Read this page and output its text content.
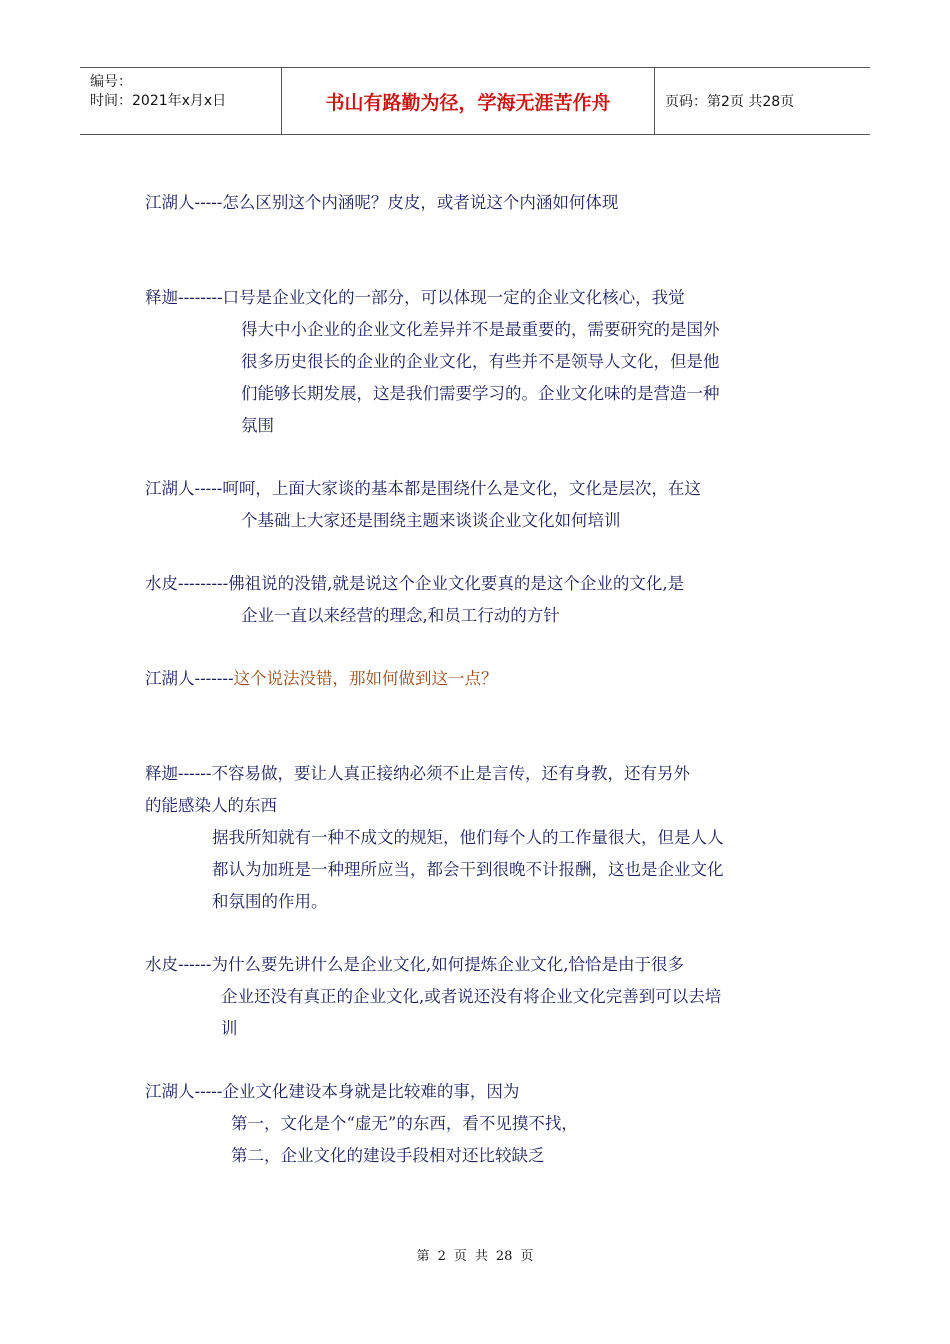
编号：
时间：2021年x月x日	书山有路勤为径，学海无涯苦作舟	页码：第2页 共28页
江湖人-----怎么区别这个内涵呢？皮皮，或者说这个内涵如何体现
释迦--------口号是企业文化的一部分，可以体现一定的企业文化核心，我觉
得大中小企业的企业文化差异并不是最重要的，需要研究的是国外
很多历史很长的企业的企业文化，有些并不是领导人文化，但是他
们能够长期发展，这是我们需要学习的。企业文化味的是营造一种
氛围
江湖人-----呵呵，上面大家谈的基本都是围绕什么是文化，文化是层次，在这
个基础上大家还是围绕主题来谈谈企业文化如何培训
水皮---------佛祖说的没错,就是说这个企业文化要真的是这个企业的文化,是
企业一直以来经营的理念,和员工行动的方针
江湖人-------这个说法没错，那如何做到这一点？
释迦------不容易做，要让人真正接纳必须不止是言传，还有身教，还有另外
的能感染人的东西
据我所知就有一种不成文的规矩，他们每个人的工作量很大，但是人人
都认为加班是一种理所应当，都会干到很晚不计报酬，这也是企业文化
和氛围的作用。
水皮------为什么要先讲什么是企业文化,如何提炼企业文化,恰恰是由于很多
企业还没有真正的企业文化,或者说还没有将企业文化完善到可以去培
训
江湖人-----企业文化建设本身就是比较难的事，因为
第一，文化是个“虚无”的东西，看不见摸不找，
第二，企业文化的建设手段相对还比较缺乏
第 2 页 共 28 页
